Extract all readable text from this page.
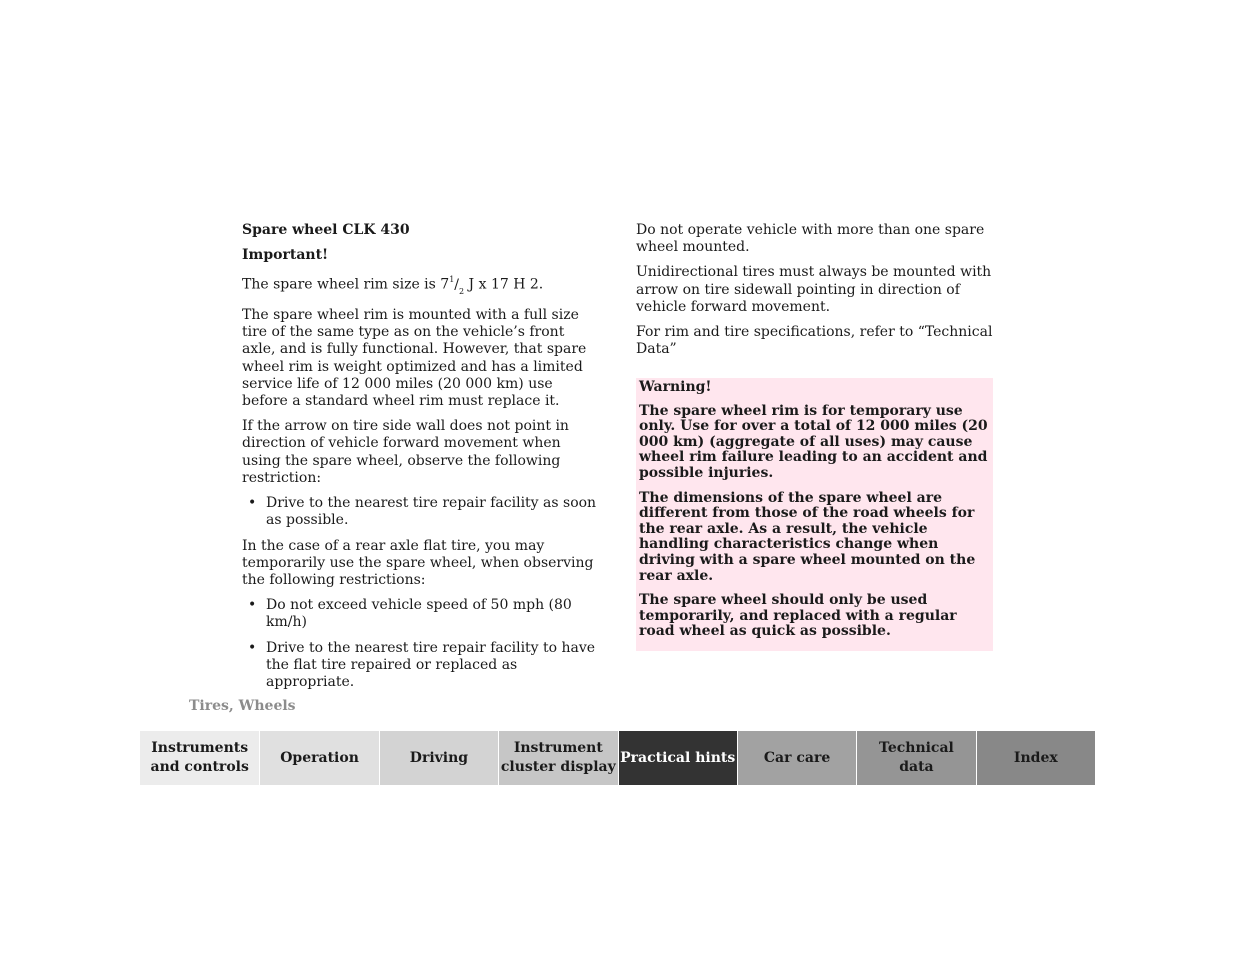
Spare wheel CLK 430

Important!

The spare wheel rim size is $7^1/_2$ J x 17 H 2.

The spare wheel rim is mounted with a full size tire of the same type as on the vehicle’s front axle, and is fully functional. However, that spare wheel rim is weight optimized and has a limited service life of 12 000 miles (20 000 km) use before a standard wheel rim must replace it.

If the arrow on tire side wall does not point in direction of vehicle forward movement when using the spare wheel, observe the following restriction:

• Drive to the nearest tire repair facility as soon as possible.

In the case of a rear axle flat tire, you may temporarily use the spare wheel, when observing the following restrictions:

• Do not exceed vehicle speed of 50 mph (80 km/h)
• Drive to the nearest tire repair facility to have the flat tire repaired or replaced as appropriate.

Do not operate vehicle with more than one spare wheel mounted.

Unidirectional tires must always be mounted with arrow on tire sidewall pointing in direction of vehicle forward movement.

For rim and tire specifications, refer to “Technical Data”

Warning!

The spare wheel rim is for temporary use only. Use for over a total of 12 000 miles (20 000 km) (aggregate of all uses) may cause wheel rim failure leading to an accident and possible injuries.

The dimensions of the spare wheel are different from those of the road wheels for the rear axle. As a result, the vehicle handling characteristics change when driving with a spare wheel mounted on the rear axle.

The spare wheel should only be used temporarily, and replaced with a regular road wheel as quick as possible.

Tires, Wheels
Instruments
and controls
Operation	Driving
Instrument
cluster display
Practical hints Car care
Technical
data
Index
